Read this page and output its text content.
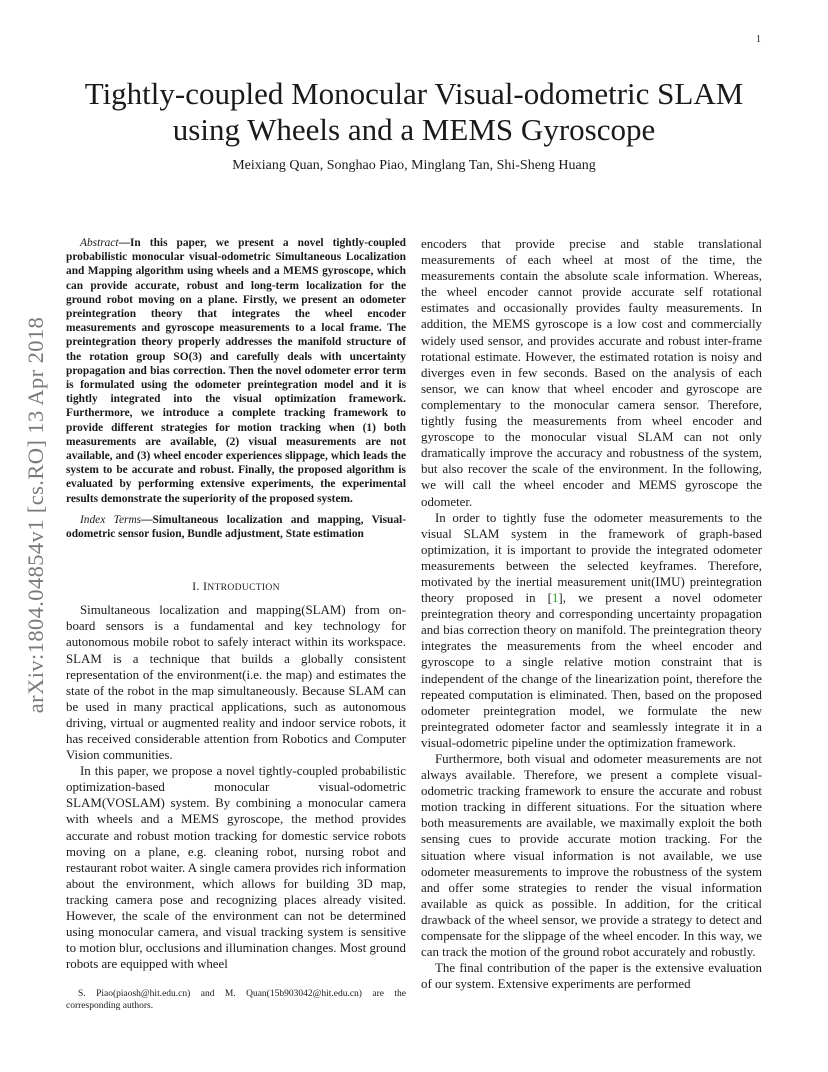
1
arXiv:1804.04854v1 [cs.RO] 13 Apr 2018
Tightly-coupled Monocular Visual-odometric SLAM using Wheels and a MEMS Gyroscope
Meixiang Quan, Songhao Piao, Minglang Tan, Shi-Sheng Huang

Abstract—In this paper, we present a novel tightly-coupled probabilistic monocular visual-odometric Simultaneous Localization and Mapping algorithm using wheels and a MEMS gyroscope, which can provide accurate, robust and long-term localization for the ground robot moving on a plane. Firstly, we present an odometer preintegration theory that integrates the wheel encoder measurements and gyroscope measurements to a local frame. The preintegration theory properly addresses the manifold structure of the rotation group SO(3) and carefully deals with uncertainty propagation and bias correction. Then the novel odometer error term is formulated using the odometer preintegration model and it is tightly integrated into the visual optimization framework. Furthermore, we introduce a complete tracking framework to provide different strategies for motion tracking when (1) both measurements are available, (2) visual measurements are not available, and (3) wheel encoder experiences slippage, which leads the system to be accurate and robust. Finally, the proposed algorithm is evaluated by performing extensive experiments, the experimental results demonstrate the superiority of the proposed system.

Index Terms—Simultaneous localization and mapping, Visual-odometric sensor fusion, Bundle adjustment, State estimation

I. INTRODUCTION

Simultaneous localization and mapping(SLAM) from on-board sensors is a fundamental and key technology for autonomous mobile robot to safely interact within its workspace. SLAM is a technique that builds a globally consistent representation of the environment(i.e. the map) and estimates the state of the robot in the map simultaneously. Because SLAM can be used in many practical applications, such as autonomous driving, virtual or augmented reality and indoor service robots, it has received considerable attention from Robotics and Computer Vision communities.

In this paper, we propose a novel tightly-coupled probabilistic optimization-based monocular visual-odometric SLAM(VOSLAM) system. By combining a monocular camera with wheels and a MEMS gyroscope, the method provides accurate and robust motion tracking for domestic service robots moving on a plane, e.g. cleaning robot, nursing robot and restaurant robot waiter. A single camera provides rich information about the environment, which allows for building 3D map, tracking camera pose and recognizing places already visited. However, the scale of the environment can not be determined using monocular camera, and visual tracking system is sensitive to motion blur, occlusions and illumination changes. Most ground robots are equipped with wheel

encoders that provide precise and stable translational measurements of each wheel at most of the time, the measurements contain the absolute scale information. Whereas, the wheel encoder cannot provide accurate self rotational estimates and occasionally provides faulty measurements. In addition, the MEMS gyroscope is a low cost and commercially widely used sensor, and provides accurate and robust inter-frame rotational estimate. However, the estimated rotation is noisy and diverges even in few seconds. Based on the analysis of each sensor, we can know that wheel encoder and gyroscope are complementary to the monocular camera sensor. Therefore, tightly fusing the measurements from wheel encoder and gyroscope to the monocular visual SLAM can not only dramatically improve the accuracy and robustness of the system, but also recover the scale of the environment. In the following, we will call the wheel encoder and MEMS gyroscope the odometer.

In order to tightly fuse the odometer measurements to the visual SLAM system in the framework of graph-based optimization, it is important to provide the integrated odometer measurements between the selected keyframes. Therefore, motivated by the inertial measurement unit(IMU) preintegration theory proposed in [1], we present a novel odometer preintegration theory and corresponding uncertainty propagation and bias correction theory on manifold. The preintegration theory integrates the measurements from the wheel encoder and gyroscope to a single relative motion constraint that is independent of the change of the linearization point, therefore the repeated computation is eliminated. Then, based on the proposed odometer preintegration model, we formulate the new preintegrated odometer factor and seamlessly integrate it in a visual-odometric pipeline under the optimization framework.

Furthermore, both visual and odometer measurements are not always available. Therefore, we present a complete visual-odometric tracking framework to ensure the accurate and robust motion tracking in different situations. For the situation where both measurements are available, we maximally exploit the both sensing cues to provide accurate motion tracking. For the situation where visual information is not available, we use odometer measurements to improve the robustness of the system and offer some strategies to render the visual information available as quick as possible. In addition, for the critical drawback of the wheel sensor, we provide a strategy to detect and compensate for the slippage of the wheel encoder. In this way, we can track the motion of the ground robot accurately and robustly.

The final contribution of the paper is the extensive evaluation of our system. Extensive experiments are performed

S. Piao(piaosh@hit.edu.cn) and M. Quan(15b903042@hit.edu.cn) are the corresponding authors.
